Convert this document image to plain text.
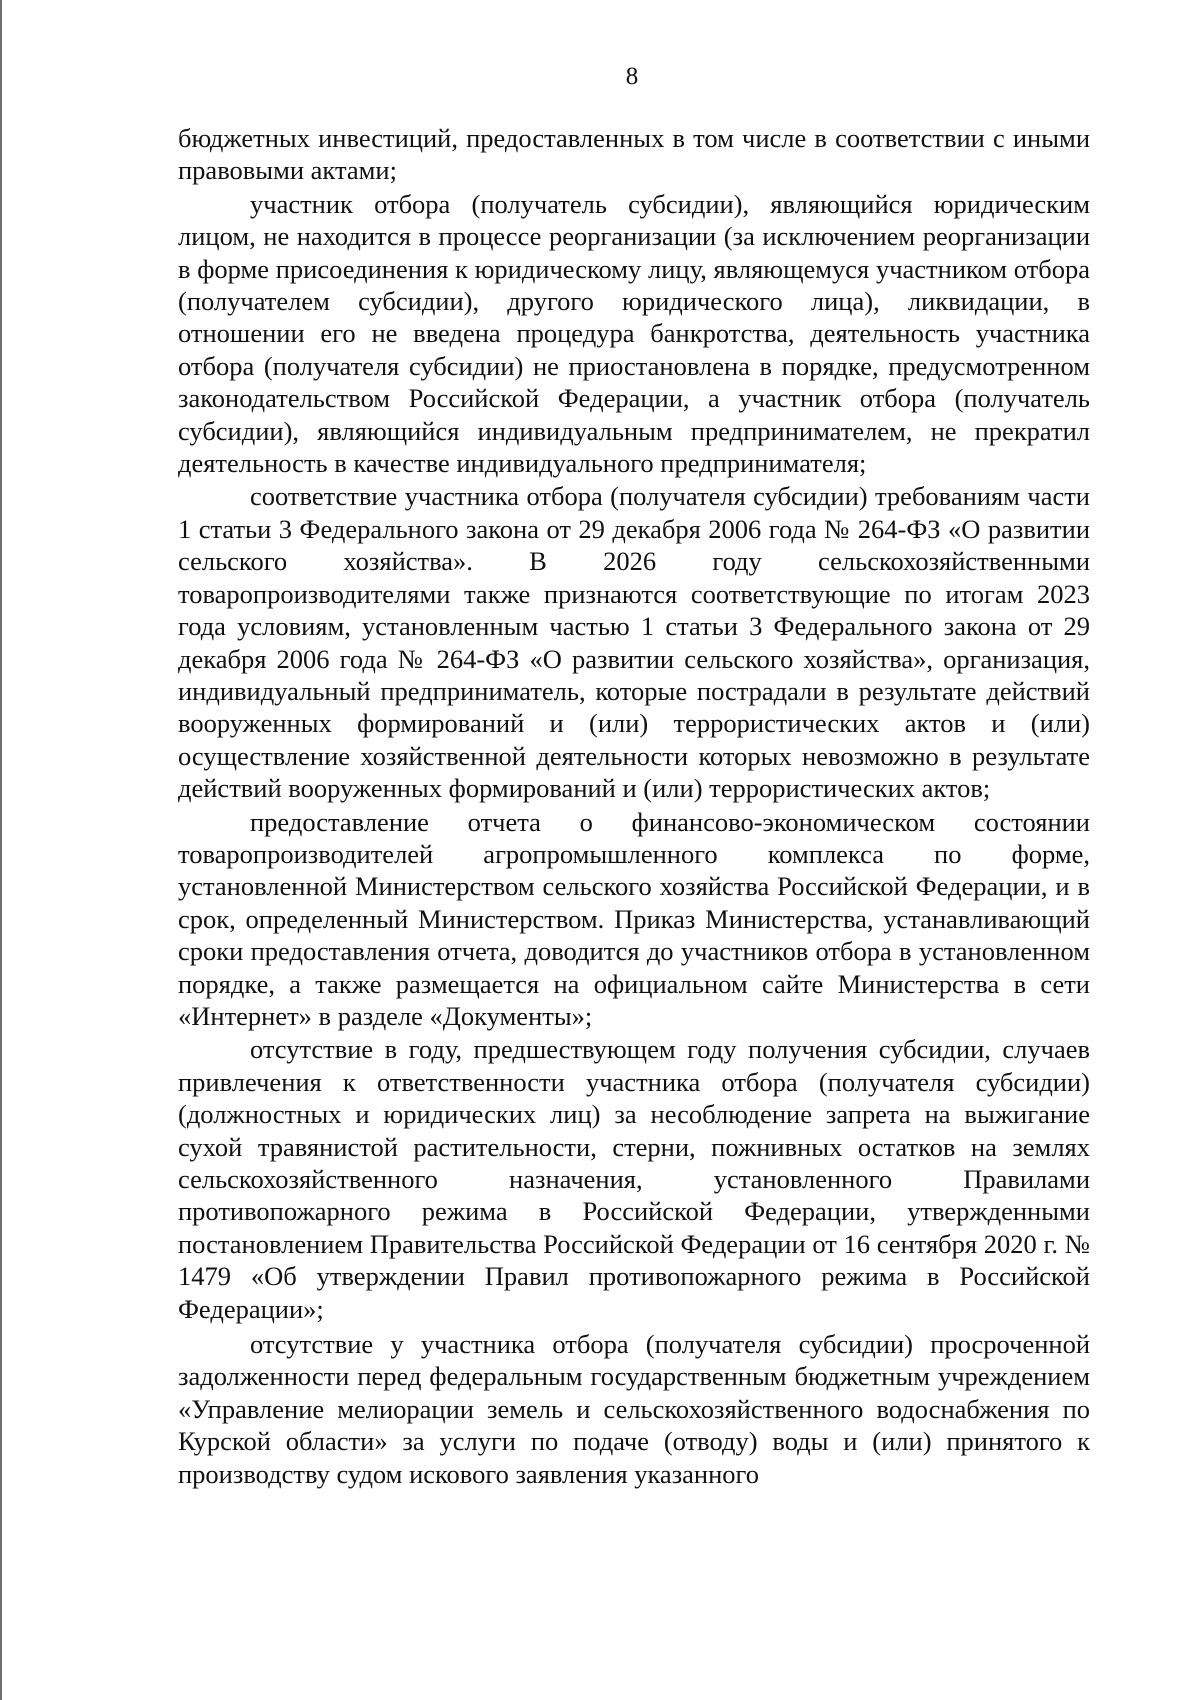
8

бюджетных инвестиций, предоставленных в том числе в соответствии с иными правовыми актами;

участник отбора (получатель субсидии), являющийся юридическим лицом, не находится в процессе реорганизации (за исключением реорганизации в форме присоединения к юридическому лицу, являющемуся участником отбора (получателем субсидии), другого юридического лица), ликвидации, в отношении его не введена процедура банкротства, деятельность участника отбора (получателя субсидии) не приостановлена в порядке, предусмотренном законодательством Российской Федерации, а участник отбора (получатель субсидии), являющийся индивидуальным предпринимателем, не прекратил деятельность в качестве индивидуального предпринимателя;

соответствие участника отбора (получателя субсидии) требованиям части 1 статьи 3 Федерального закона от 29 декабря 2006 года № 264-ФЗ «О развитии сельского хозяйства». В 2026 году сельскохозяйственными товаропроизводителями также признаются соответствующие по итогам 2023 года условиям, установленным частью 1 статьи 3 Федерального закона от 29 декабря 2006 года № 264-ФЗ «О развитии сельского хозяйства», организация, индивидуальный предприниматель, которые пострадали в результате действий вооруженных формирований и (или) террористических актов и (или) осуществление хозяйственной деятельности которых невозможно в результате действий вооруженных формирований и (или) террористических актов;

предоставление отчета о финансово-экономическом состоянии товаропроизводителей агропромышленного комплекса по форме, установленной Министерством сельского хозяйства Российской Федерации, и в срок, определенный Министерством. Приказ Министерства, устанавливающий сроки предоставления отчета, доводится до участников отбора в установленном порядке, а также размещается на официальном сайте Министерства в сети «Интернет» в разделе «Документы»;

отсутствие в году, предшествующем году получения субсидии, случаев привлечения к ответственности участника отбора (получателя субсидии) (должностных и юридических лиц) за несоблюдение запрета на выжигание сухой травянистой растительности, стерни, пожнивных остатков на землях сельскохозяйственного назначения, установленного Правилами противопожарного режима в Российской Федерации, утвержденными постановлением Правительства Российской Федерации от 16 сентября 2020 г. № 1479 «Об утверждении Правил противопожарного режима в Российской Федерации»;

отсутствие у участника отбора (получателя субсидии) просроченной задолженности перед федеральным государственным бюджетным учреждением «Управление мелиорации земель и сельскохозяйственного водоснабжения по Курской области» за услуги по подаче (отводу) воды и (или) принятого к производству судом искового заявления указанного
